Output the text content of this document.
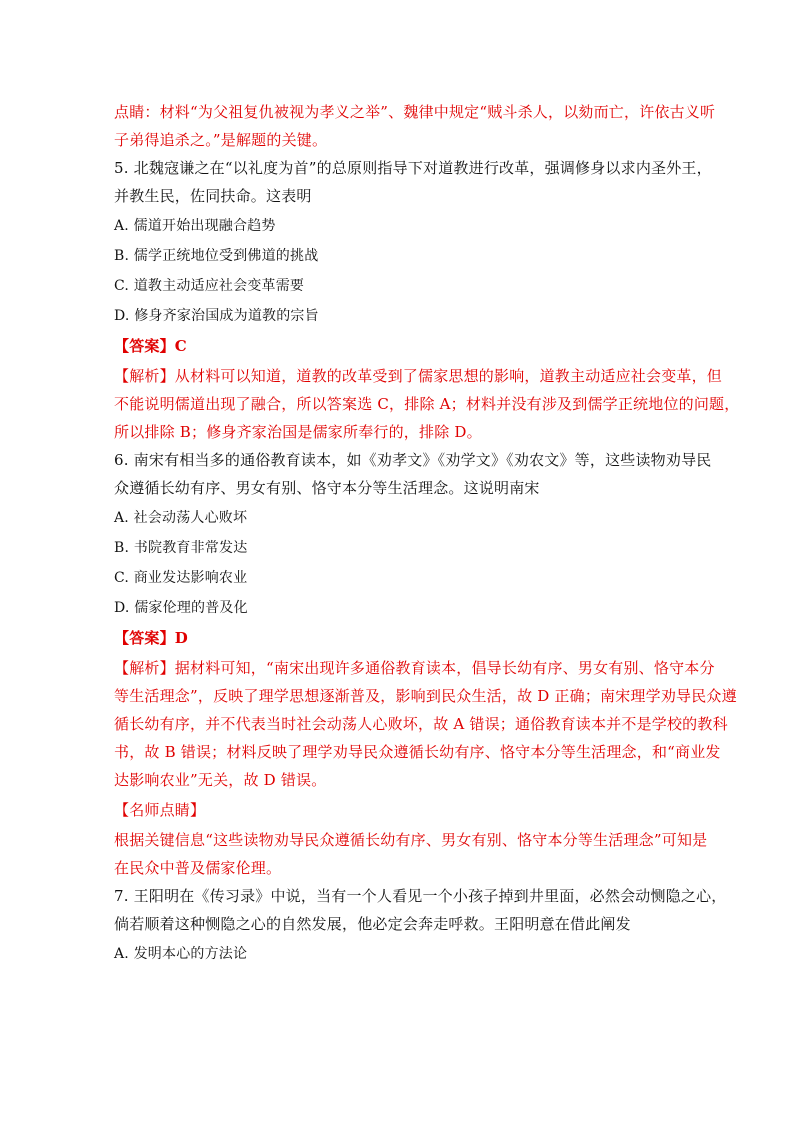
点睛：材料“为父祖复仇被视为孝义之举”、魏律中规定“贼斗杀人，以劾而亡，许依古义听
子弟得追杀之。”是解题的关键。
5. 北魏寇谦之在“以礼度为首”的总原则指导下对道教进行改革，强调修身以求内圣外王，
并教生民，佐同扶命。这表明
A. 儒道开始出现融合趋势
B. 儒学正统地位受到佛道的挑战
C. 道教主动适应社会变革需要
D. 修身齐家治国成为道教的宗旨
【答案】C
【解析】从材料可以知道，道教的改革受到了儒家思想的影响，道教主动适应社会变革，但
不能说明儒道出现了融合，所以答案选 C，排除 A；材料并没有涉及到儒学正统地位的问题，
所以排除 B；修身齐家治国是儒家所奉行的，排除 D。
6. 南宋有相当多的通俗教育读本，如《劝孝文》《劝学文》《劝农文》等，这些读物劝导民
众遵循长幼有序、男女有别、恪守本分等生活理念。这说明南宋
A. 社会动荡人心败坏
B. 书院教育非常发达
C. 商业发达影响农业
D. 儒家伦理的普及化
【答案】D
【解析】据材料可知，“南宋出现许多通俗教育读本，倡导长幼有序、男女有别、恪守本分
等生活理念”，反映了理学思想逐渐普及，影响到民众生活，故 D 正确；南宋理学劝导民众遵
循长幼有序，并不代表当时社会动荡人心败坏，故 A 错误；通俗教育读本并不是学校的教科
书，故 B 错误；材料反映了理学劝导民众遵循长幼有序、恪守本分等生活理念，和“商业发
达影响农业”无关，故 D 错误。
【名师点睛】
根据关键信息“这些读物劝导民众遵循长幼有序、男女有别、恪守本分等生活理念”可知是
在民众中普及儒家伦理。
7. 王阳明在《传习录》中说，当有一个人看见一个小孩子掉到井里面，必然会动恻隐之心，
倘若顺着这种恻隐之心的自然发展，他必定会奔走呼救。王阳明意在借此阐发
A. 发明本心的方法论
